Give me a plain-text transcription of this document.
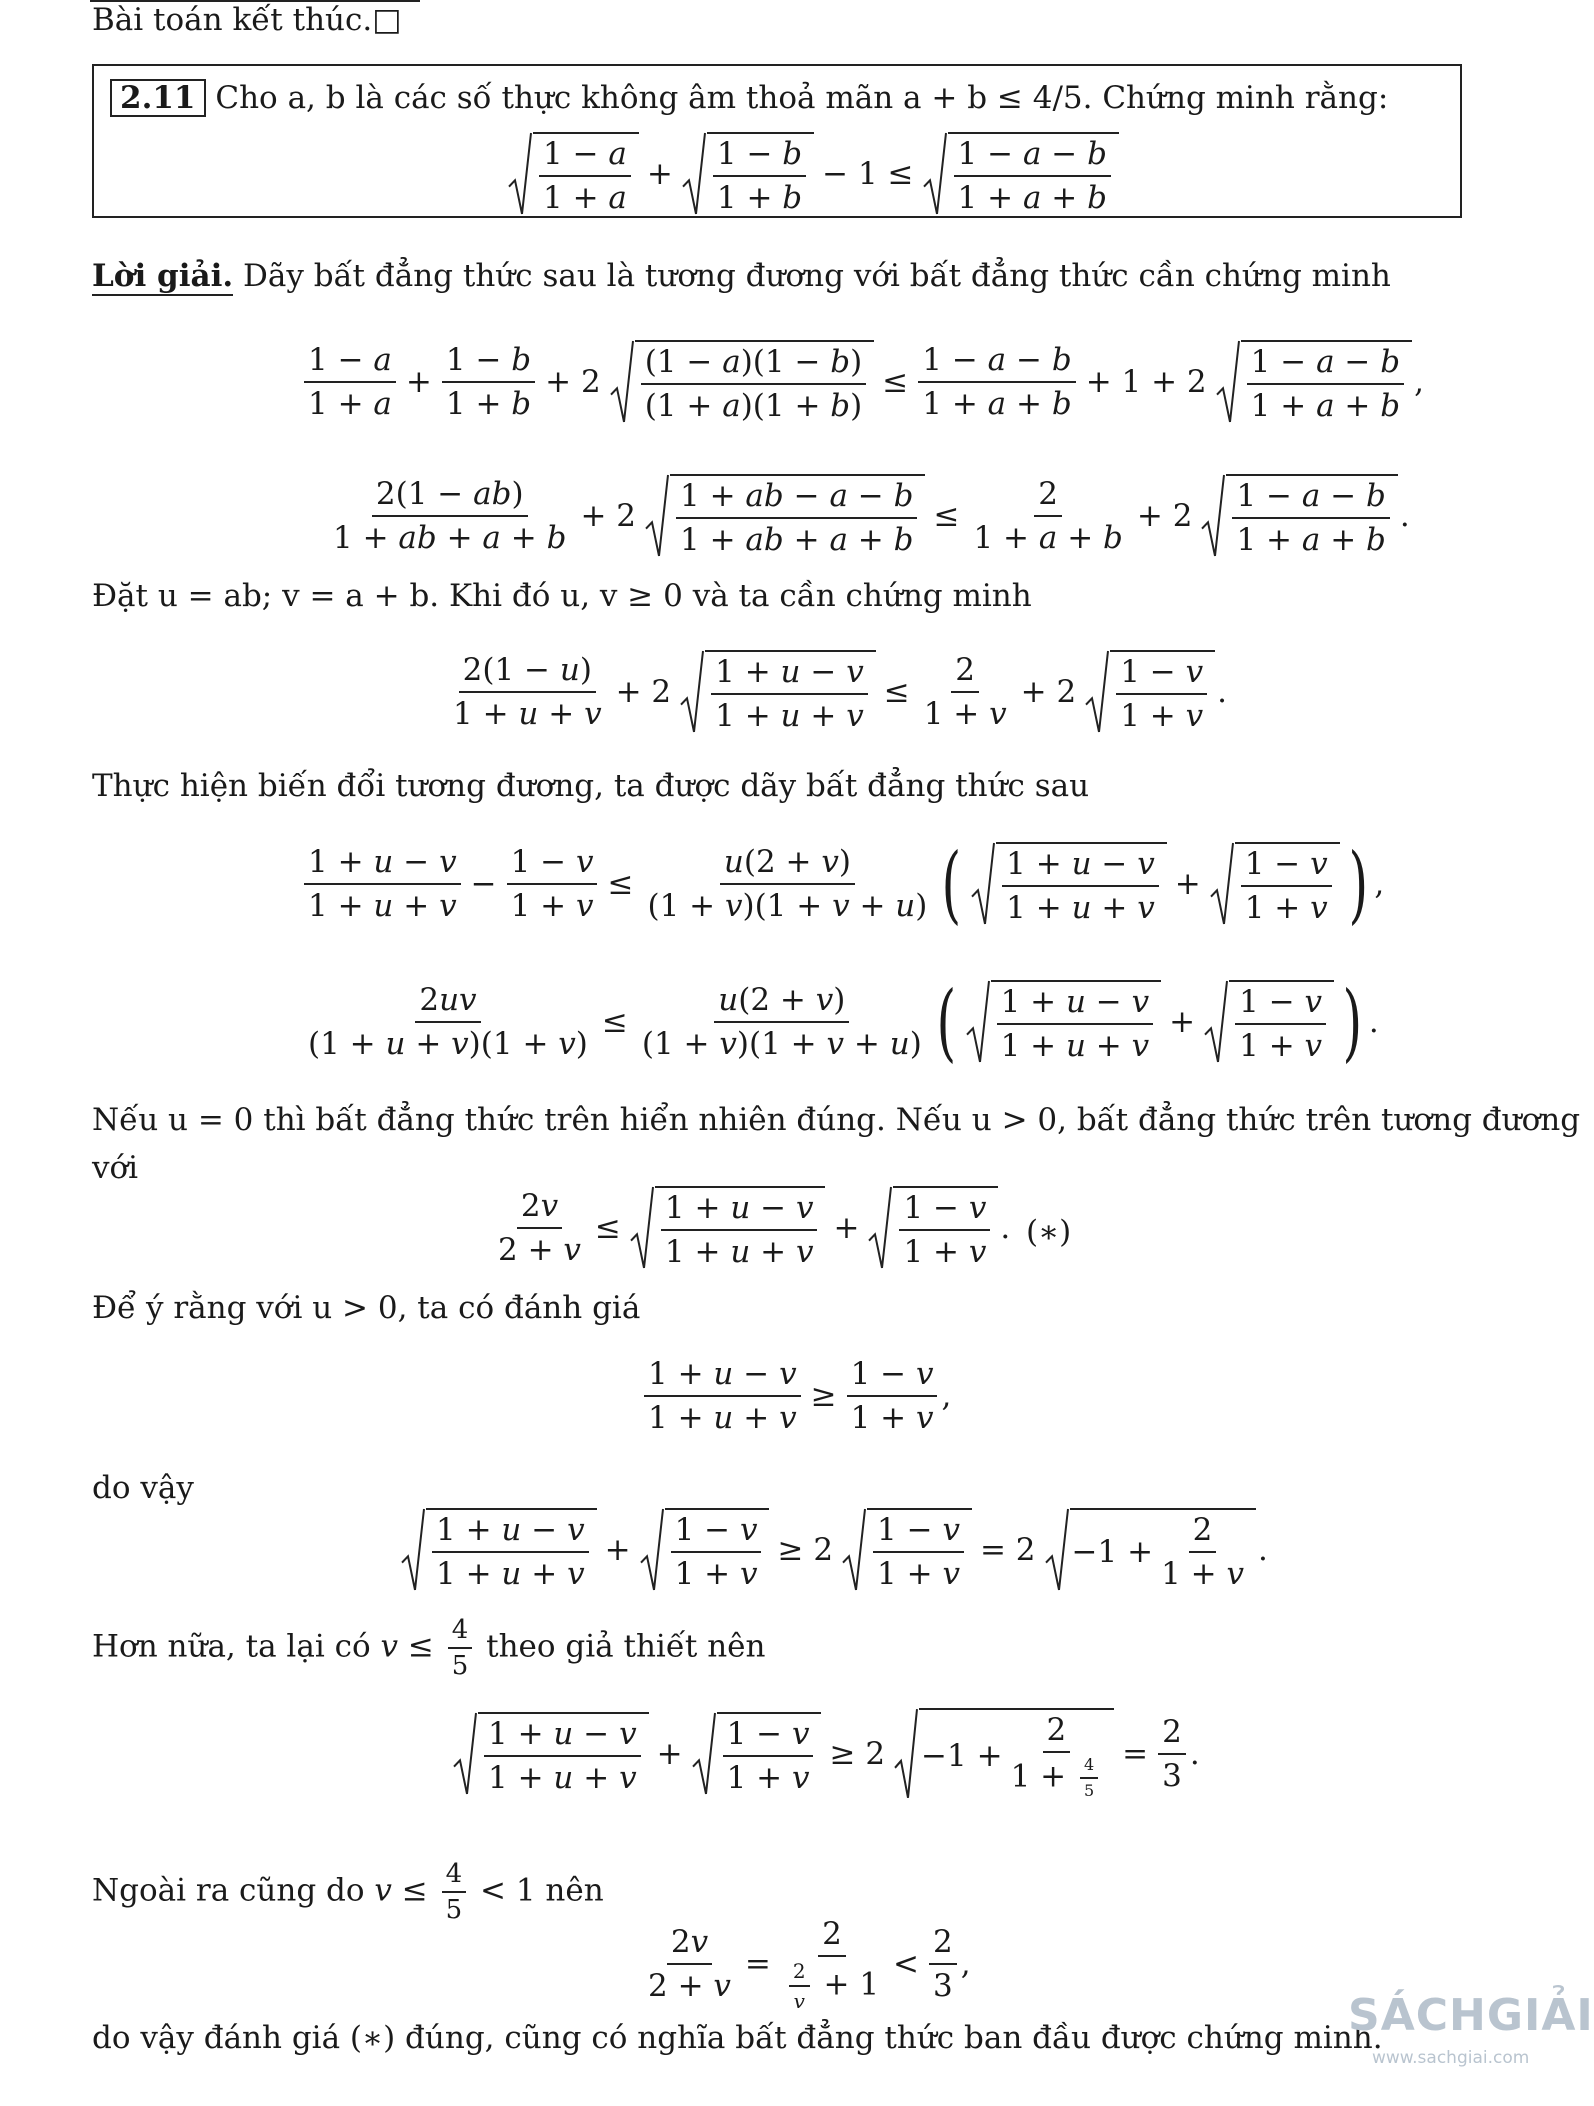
Bài toán kết thúc.□
2.11 Cho a, b là các số thực không âm thoả mãn a + b ≤ 4/5. Chứng minh rằng:
$\frac{1 - a}{1 + a} + \frac{1 - b}{1 + b} - 1 \le \frac{1 - a - b}{1 + a + b}$
Lời giải. Dãy bất đẳng thức sau là tương đương với bất đẳng thức cần chứng minh
$\frac{1 - a}{1 + a} + \frac{1 - b}{1 + b} + 2 \frac{(1 - a)(1 - b)}{(1 + a)(1 + b)} \le \frac{1 - a - b}{1 + a + b} + 1 + 2 \frac{1 - a - b}{1 + a + b}$ ,
$\frac{2(1 - ab)}{1 + ab + a + b} + 2 \frac{1 + ab - a - b}{1 + ab + a + b} \le \frac{2}{1 + a + b} + 2 \frac{1 - a - b}{1 + a + b}$ .
Đặt u = ab; v = a + b. Khi đó u, v ≥ 0 và ta cần chứng minh
$\frac{2(1 - u)}{1 + u + v} + 2 \frac{1 + u - v}{1 + u + v} \le \frac{2}{1 + v} + 2 \frac{1 - v}{1 + v}$ .
Thực hiện biến đổi tương đương, ta được dãy bất đẳng thức sau
$\frac{1 + u - v}{1 + u + v} - \frac{1 - v}{1 + v} \le \frac{u(2 + v)}{(1 + v)(1 + v + u)}$ ( $\frac{1 + u - v}{1 + u + v} + \frac{1 - v}{1 + v}$ ) ,
$\frac{2uv}{(1 + u + v)(1 + v)} \le \frac{u(2 + v)}{(1 + v)(1 + v + u)}$ ( $\frac{1 + u - v}{1 + u + v} + \frac{1 - v}{1 + v}$ ) .
Nếu u = 0 thì bất đẳng thức trên hiển nhiên đúng. Nếu u > 0, bất đẳng thức trên tương đương
với
$\frac{2v}{2 + v} \le \frac{1 + u - v}{1 + u + v} + \frac{1 - v}{1 + v}$ . (∗)
Để ý rằng với u > 0, ta có đánh giá
$\frac{1 + u - v}{1 + u + v} \ge \frac{1 - v}{1 + v}$ ,
do vậy
$\frac{1 + u - v}{1 + u + v} + \frac{1 - v}{1 + v} \ge 2 \frac{1 - v}{1 + v} = 2 -1 + \frac{2}{1 + v}$ .
Hơn nữa, ta lại có $v \le \frac{4}{5}$ theo giả thiết nên
$\frac{1 + u - v}{1 + u + v} + \frac{1 - v}{1 + v} \ge 2 -1 + \frac{2}{1 + \frac{4}{5}} = \frac{2}{3}$ .
Ngoài ra cũng do $v \le \frac{4}{5} < 1$ nên
$\frac{2v}{2 + v} = \frac{2}{\frac{2}{v} + 1} < \frac{2}{3}$ ,
do vậy đánh giá (∗) đúng, cũng có nghĩa bất đẳng thức ban đầu được chứng minh.
SÁCHGIẢI
www.sachgiai.com
